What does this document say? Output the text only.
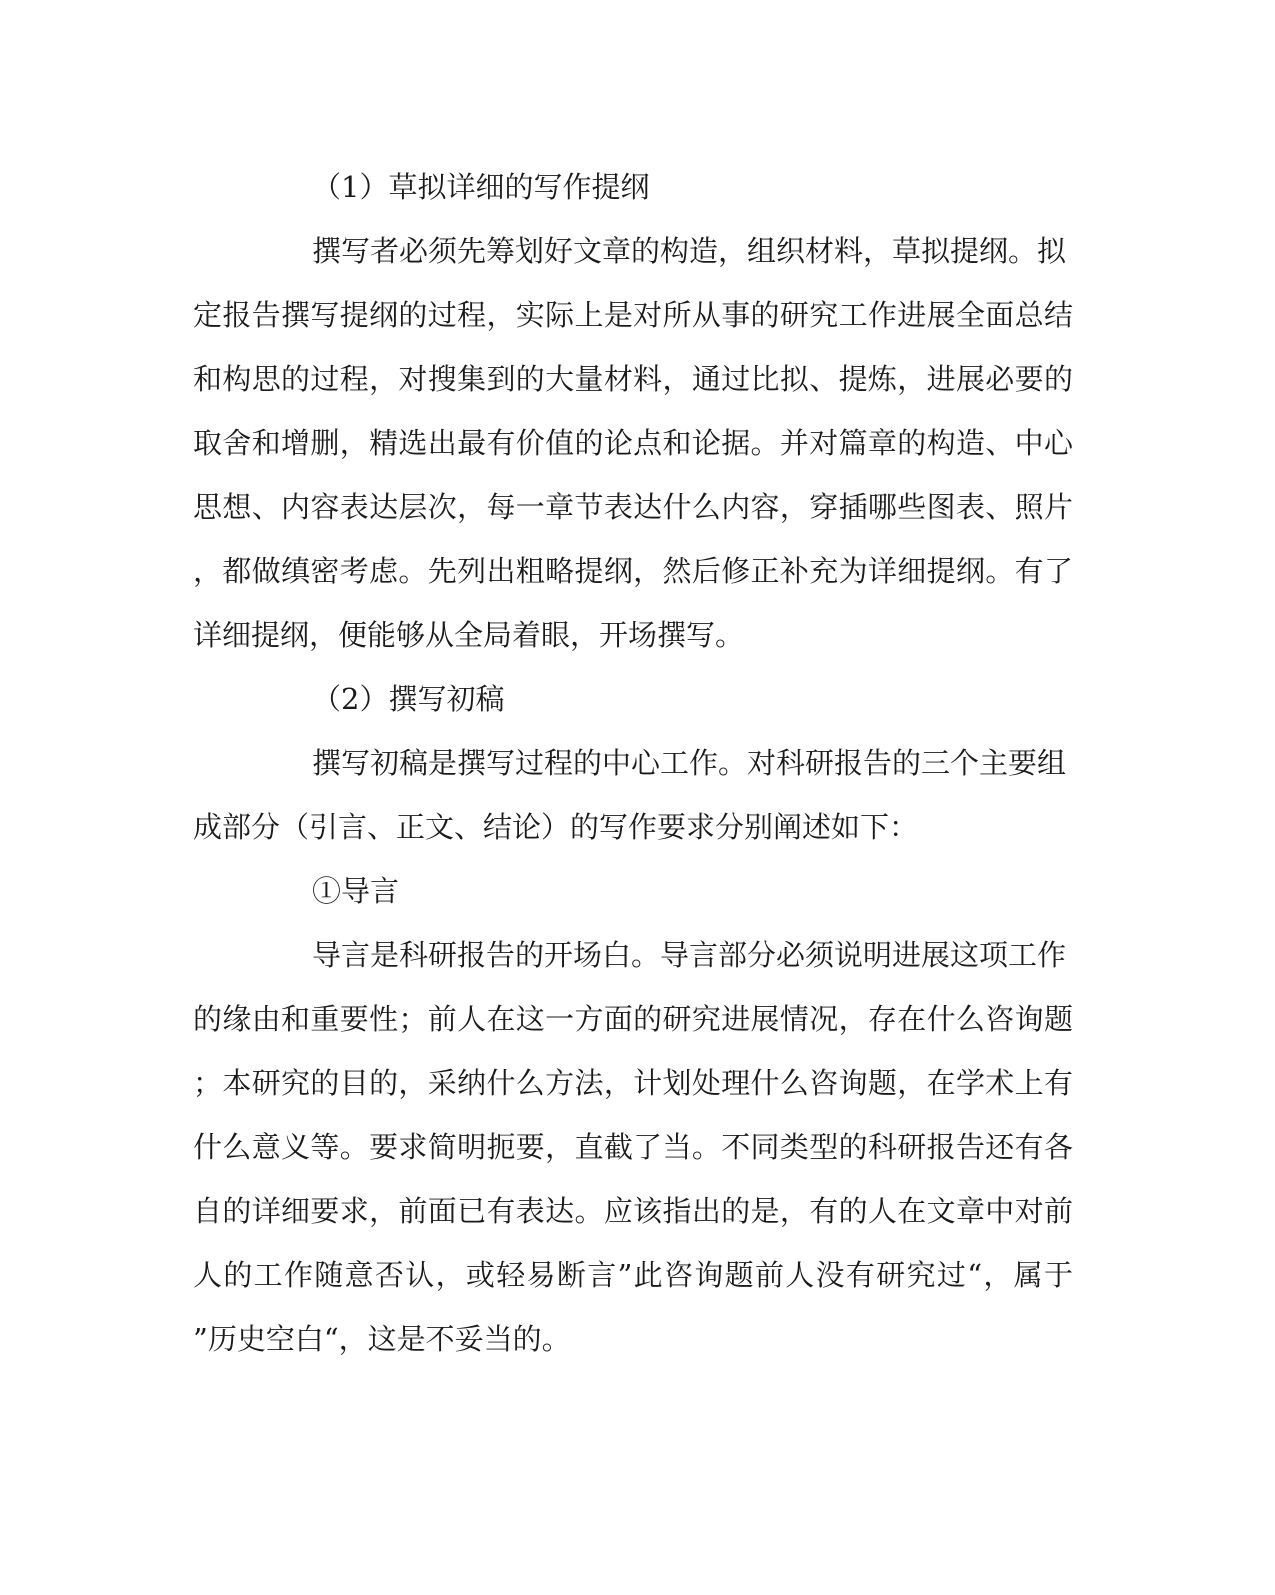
（1）草拟详细的写作提纲
撰写者必须先筹划好文章的构造，组织材料，草拟提纲。拟
定报告撰写提纲的过程，实际上是对所从事的研究工作进展全面总结
和构思的过程，对搜集到的大量材料，通过比拟、提炼，进展必要的
取舍和增删，精选出最有价值的论点和论据。并对篇章的构造、中心
思想、内容表达层次，每一章节表达什么内容，穿插哪些图表、照片
，都做缜密考虑。先列出粗略提纲，然后修正补充为详细提纲。有了
详细提纲，便能够从全局着眼，开场撰写。
（2）撰写初稿
撰写初稿是撰写过程的中心工作。对科研报告的三个主要组
成部分（引言、正文、结论）的写作要求分别阐述如下：
①导言
导言是科研报告的开场白。导言部分必须说明进展这项工作
的缘由和重要性；前人在这一方面的研究进展情况，存在什么咨询题
；本研究的目的，采纳什么方法，计划处理什么咨询题，在学术上有
什么意义等。要求简明扼要，直截了当。不同类型的科研报告还有各
自的详细要求，前面已有表达。应该指出的是，有的人在文章中对前
人的工作随意否认，或轻易断言”此咨询题前人没有研究过“，属于
”历史空白“，这是不妥当的。
